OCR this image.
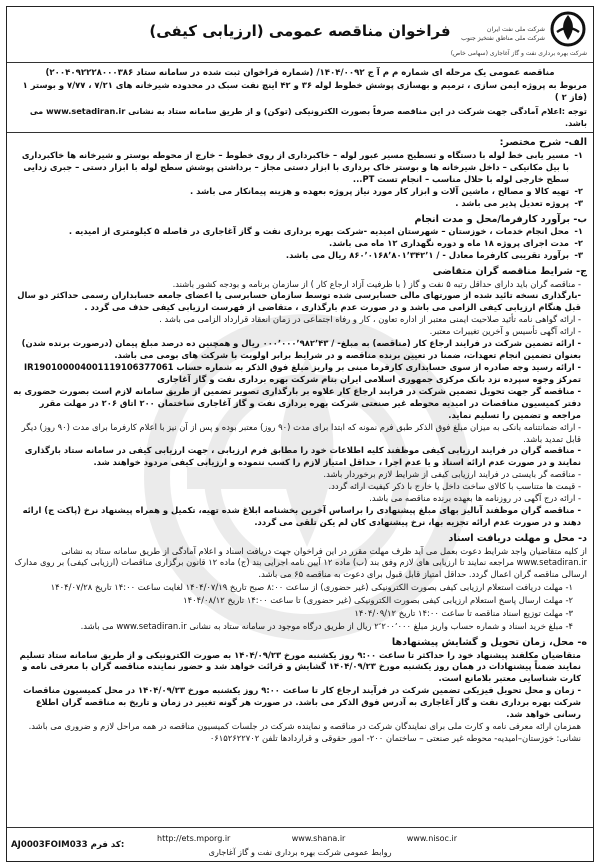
شرکت ملی نفت ایران
شرکت ملی مناطق نفتخیز جنوب
شرکت بهره برداری نفت و گاز آغاجاری (سهامی خاص)
فراخوان مناقصه عمومی (ارزیابی کیفی)
مناقصه عمومی یک مرحله ای شماره م م آ ج ۱۴۰۴/۰۰۹۲/ (شماره فراخوان ثبت شده در سامانه ستاد ۲۰۰۴۰۹۲۲۲۸۰۰۰۳۸۶)
مربوط به پروژه ایمن سازی ، ترمیم و بهسازی پوشش خطوط لوله ۳۶ و ۴۲ اینچ نفت سبک در محدوده شیرخانه های ۷/۲۱ ، ۷/۷۷ و بوستر ۱ (فاز ۲ )
توجه :اعلام آمادگی جهت شرکت در این مناقصه صرفاً بصورت الکترونیکی (توکن) و از طریق سامانه ستاد به نشانی www.setadiran.ir می باشد.
الف- شرح مختصر:
۱-
مسیر یابی خط لوله با دستگاه و تسطیح مسیر عبور لوله – خاکبرداری از روی خطوط – خارج از محوطه بوستر و شیرخانه ها خاکبرداری با بیل مکانیکی – داخل شیرخانه ها و بوستر خاک برداری با ابزار دستی مجاز – برداشتن پوشش سطح لوله با ابزار دستی – جبری زدایی سطح خارجی لوله با حلال مناسب – انجام تست PT...
۲-
تهیه کالا و مصالح ، ماشین آلات و ابزار کار مورد نیاز پروژه بعهده و هزینه پیمانکار می باشد .
۳-
پروژه تعدیل پذیر می باشد .
ب- برآورد کارفرما/محل و مدت انجام
۱-
محل انجام خدمات ، خوزستان – شهرستان امیدیه -شرکت بهره برداری نفت و گاز آغاجاری در فاصله ۵ کیلومتری از امیدیه .
۲-
مدت اجرای پروژه ۱۸ ماه و دوره نگهداری ۱۲ ماه می باشد.
۳-
برآورد تقریبی کارفرما معادل - / ۸۶۰٬۰۱۶۸٬۸۰۱٬۳۴۲٬۱ ریال می باشد.
ج- شرایط مناقصه گران متقاضی
- مناقصه گران باید دارای حداقل رتبه ۵ نفت و گاز ( با ظرفیت آزاد ارجاع کار ) از سازمان برنامه و بودجه کشور باشند.
-بارگذاری نسخه تائید شده از صورتهای مالی حسابرسی شده توسط سازمان حسابرسی یا اعضای جامعه حسابداران رسمی حداکثر دو سال قبل هنگام ارزیابی کیفی الزامی می باشد و در صورت عدم بارگذاری ، متقاضی از فهرست ارزیابی کیفی حذف می گردد .
- ارائه گواهی نامه تأئید صلاحیت ایمنی معتبر از اداره تعاون ، کار و رفاه اجتماعی در زمان انعقاد قرارداد الزامی می باشد .
- ارائه آگهی تأسیس و آخرین تغییرات معتبر.
- ارائه تضمین شرکت در فرایند ارجاع کار (مناقصه) به مبلغ- / ۰۰۰٬۰۰۰٬۹۸۲٬۴۳ ریال و همچنین ده درصد مبلغ پیمان (درصورت برنده شدن) بعنوان تضمین انجام تعهدات، ضمنا در تعیین برنده مناقصه و در شرایط برابر اولویت با شرکت های بومی می باشد.
- ارائه رسید وجه صادره از سوی حسابداری کارفرما مبنی بر واریز مبلغ فوق الذکر به شماره حساب IR190100004001119106377061 تمرکز وجوه سپرده نزد بانک مرکزی جمهوری اسلامی ایران بنام شرکت بهره برداری نفت و گاز آغاجاری
- مناقصه گر جهت تحویل تضمین شرکت در فرایند ارجاع کار علاوه بر بارگذاری تصویر تضمین از طریق سامانه لازم است بصورت حضوری به دفتر کمیسیون مناقصات در امیدیه محوطه غیر صنعتی شرکت بهره برداری نفت و گاز آغاجاری ساختمان ۲۰۰ اتاق ۲۰۶ در مهلت مقرر مراجعه و تضمین را تسلیم نماید.
- ارائه ضمانتنامه بانکی به میزان مبلغ فوق الذکر طبق فرم نمونه که ابتدا برای مدت (۹۰ روز) معتبر بوده و پس از آن نیز با اعلام کارفرما برای مدت (۹۰ روز) دیگر قابل تمدید باشد.
- مناقصه گران در فرایند ارزیابی کیفی موظفند کلیه اطلاعات خود را مطابق فرم ارزیابی ، جهت ارزیابی کیفی در سامانه ستاد بارگذاری نمایند و در صورت عدم ارائه اسناد و یا عدم اجرا ، حداقل امتیاز لازم را کسب ننموده و ارزیابی کیفی مردود خواهند شد.
- مناقصه گر بایستی در فرایند ارزیابی کیفی از شرایط لازم برخوردار باشد.
- قیمت ها متناسب با کالای ساخت داخل یا خارج با ذکر کیفیت ارائه گردد.
- ارائه درج آگهی در روزنامه ها بعهده برنده مناقصه می باشد.
- مناقصه گران موظفند آنالیز بهای مبلغ پیشنهادی را براساس آخرین بخشنامه ابلاغ شده تهیه، تکمیل و همراه پیشنهاد نرخ (پاکت ج) ارائه دهند و در صورت عدم ارائه تجزیه بها، نرخ پیشنهادی کان لم یکن تلقی می گردد.
د- محل و مهلت دریافت اسناد
از کلیه متقاضیان واجد شرایط دعوت بعمل می آید ظرف مهلت مقرر در این فراخوان جهت دریافت اسناد و اعلام آمادگی از طریق سامانه ستاد به نشانی www.setadiran.ir مراجعه نمایند تا ارزیابی های لازم وفق بند (ب) ماده ۱۲ آیین نامه اجرایی بند (ج) ماده ۱۲ قانون برگزاری مناقصات (ارزیابی کیفی) بر روی مدارک ارسالی مناقصه گران اعمال گردد. حداقل امتیاز قابل قبول برای دعوت به مناقصه ۶۵ می باشد.
۱- مهلت دریافت استعلام ارزیابی کیفی بصورت الکترونیکی (غیر حضوری) از ساعت ۸:۰۰ صبح تاریخ ۱۴۰۴/۰۷/۱۹ لغایت ساعت ۱۴:۰۰ تاریخ ۱۴۰۴/۰۷/۲۸
۲- مهلت ارسال پاسخ استعلام ارزیابی کیفی بصورت الکترونیکی (غیر حضوری) تا ساعت ۱۴:۰۰ تاریخ ۱۴۰۴/۰۸/۱۲
۳- مهلت توزیع اسناد مناقصه تا ساعت ۱۴:۰۰ تاریخ ۱۴۰۴/۰۹/۱۲
۴- مبلغ خرید اسناد و شماره حساب واریز مبلغ ۲٬۲۰۰٬۰۰۰ ریال از طریق درگاه موجود در سامانه ستاد به نشانی www.setadiran.ir می باشد.
ه- محل، زمان تحویل و گشایش پیشنهادها
متقاضیان مکلفند پیشنهاد خود را حداکثر تا ساعت ۹:۰۰ روز یکشنبه مورخ ۱۴۰۴/۰۹/۲۳ به صورت الکترونیکی و از طریق سامانه ستاد تسلیم نمایند ضمناً پیشنهادات در همان روز یکشنبه مورخ ۱۴۰۴/۰۹/۲۳ گشایش و قرائت خواهد شد و حضور نماینده مناقصه گران با معرفی نامه و کارت شناسایی معتبر بلامانع است.
- زمان و محل تحویل فیزیکی تضمین شرکت در فرآیند ارجاع کار تا ساعت ۹:۰۰ روز یکشنبه مورخ ۱۴۰۴/۰۹/۲۳ در محل کمیسیون مناقصات شرکت بهره برداری نفت و گاز آغاجاری به آدرس فوق الذکر می باشد. در صورت هر گونه تغییر در زمان و تاریخ به مناقصه گران اطلاع رسانی خواهد شد.
همزمان ارائه معرفی نامه و کارت ملی برای نمایندگان شرکت در مناقصه و نماینده شرکت در جلسات کمیسیون مناقصه در همه مراحل لازم و ضروری می باشد.
نشانی: خوزستان–امیدیه- محوطه غیر صنعتی – ساختمان ۲۰۰- امور حقوقی و قراردادها تلفن ۰۶۱۵۲۶۲۲۷۰۲
http://ets.mporg.ir	www.shana.ir	www.nisoc.ir
روابط عمومی شرکت بهره برداری نفت و گاز آغاجاری
AJ0003FOIM033 کد فرم:
